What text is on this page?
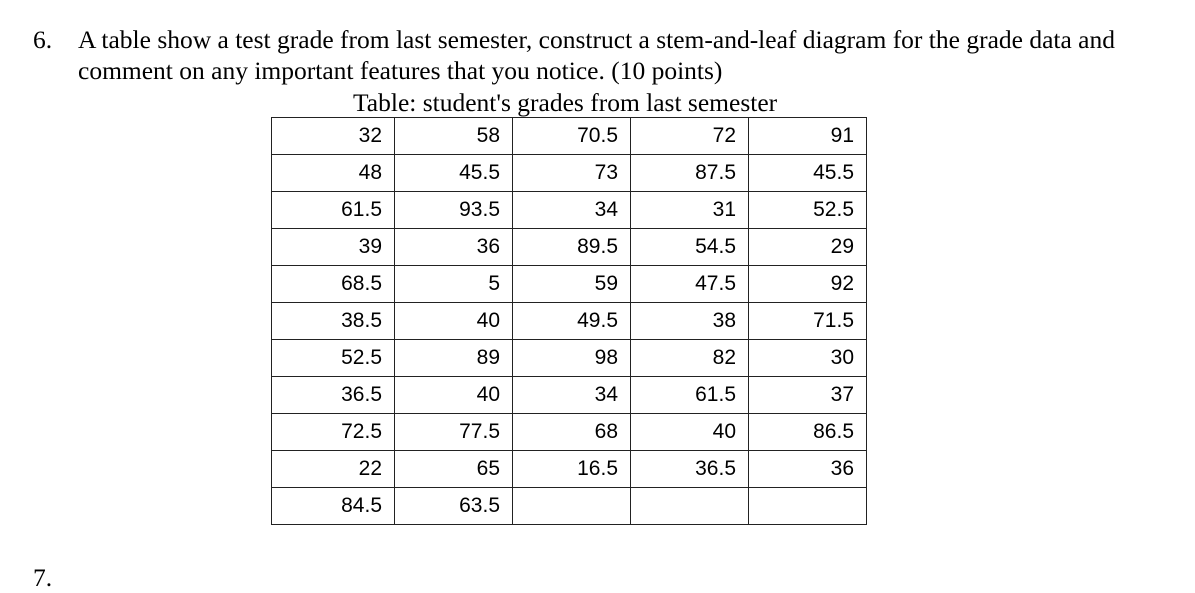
6. A table show a test grade from last semester, construct a stem-and-leaf diagram for the grade data and comment on any important features that you notice. (10 points)
Table: student's grades from last semester
32	58	70.5	72	91
48	45.5	73	87.5	45.5
61.5	93.5	34	31	52.5
39	36	89.5	54.5	29
68.5	5	59	47.5	92
38.5	40	49.5	38	71.5
52.5	89	98	82	30
36.5	40	34	61.5	37
72.5	77.5	68	40	86.5
22	65	16.5	36.5	36
84.5	63.5			
7.
